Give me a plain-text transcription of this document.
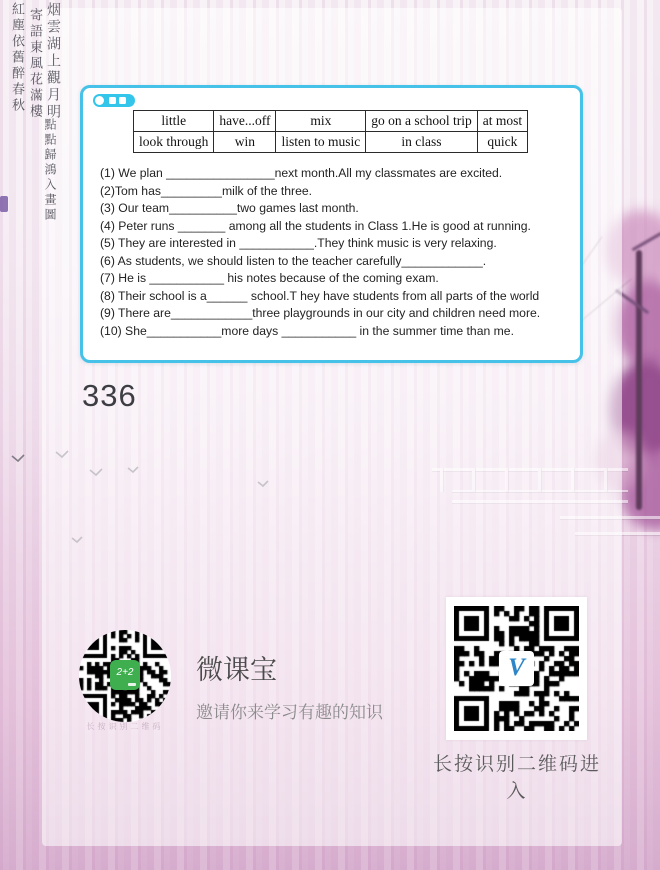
烟雲湖上觀月明
寄語東風花滿樓
紅塵依舊醉春秋
點點歸鴻入畫圖	little	have...off	mix	go on a school trip	at most
look through	win	listen to music	in class	quick
(1) We plan ________________next month.All my classmates are excited.
(2)Tom has_________milk of the three.
(3) Our team__________two games last month.
(4) Peter runs _______ among all the students in Class 1.He is good at running.
(5) They are interested in ___________.They think music is very relaxing.
(6) As students, we should listen to the teacher carefully____________.
(7) He is ___________ his notes because of the coming exam.
(8) Their school is a______ school.T hey have students from all parts of the world
(9) There are____________three playgrounds in our city and children need more.
(10) She___________more days ___________ in the summer time than me.
336
2+2
长按识别二维码
微课宝
邀请你来学习有趣的知识
V
长按识别二维码进入
